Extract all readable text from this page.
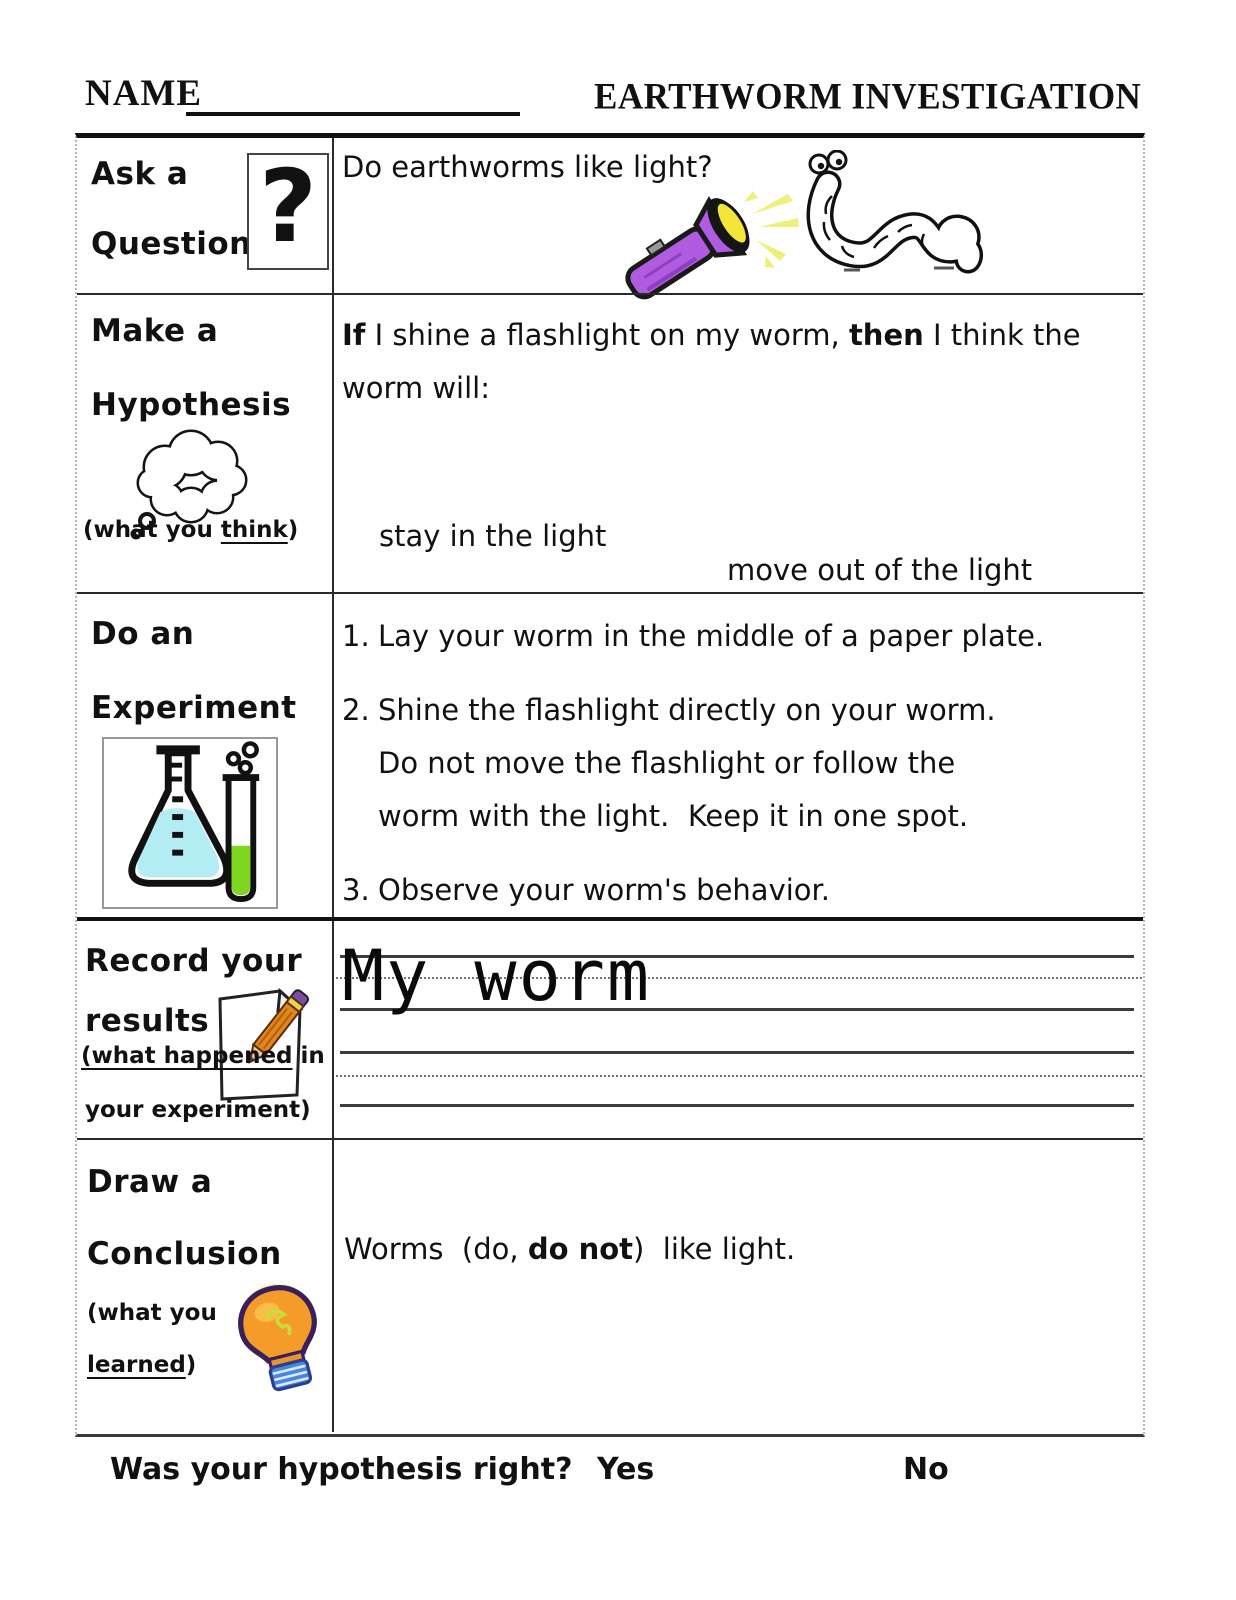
NAME	EARTHWORM INVESTIGATION
Ask a
Question ? Do earthworms like light?
Make a
Hypothesis
(what you think)
If I shine a flashlight on my worm, then I think the worm will:

stay in the light

move out of the light

Do an
Experiment
1. Lay your worm in the middle of a paper plate.
2. Shine the flashlight directly on your worm.
Do not move the flashlight or follow the
worm with the light.  Keep it in one spot.
3. Observe your worm's behavior.
Record your
results
(what happened in
your experiment)
My worm
Draw a
Conclusion
(what you
learned)
Worms  (do, do not)  like light.
Was your hypothesis right? Yes	No
